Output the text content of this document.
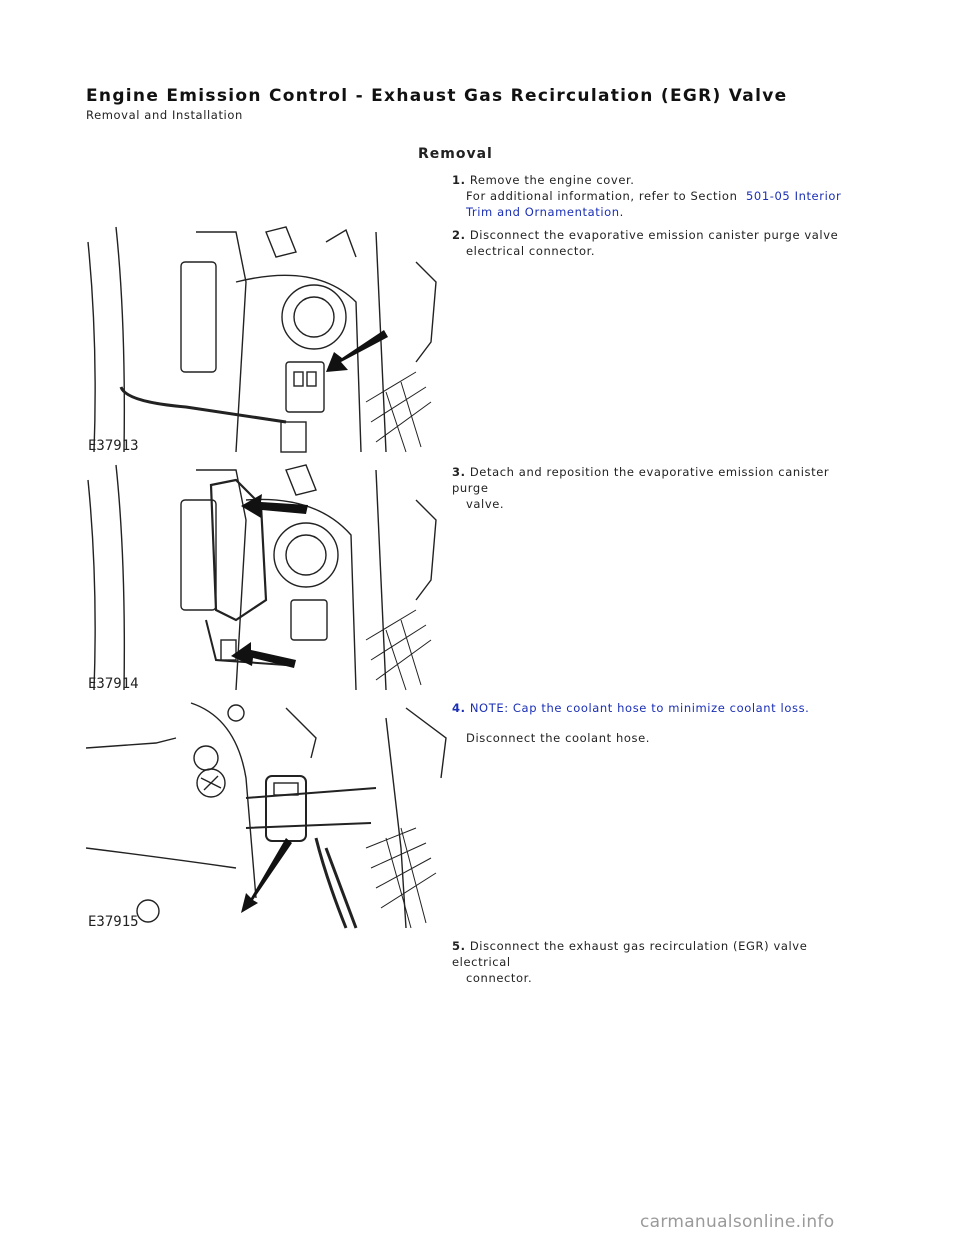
Engine Emission Control - Exhaust Gas Recirculation (EGR) Valve
Removal and Installation
Removal
1. Remove the engine cover.
For additional information, refer to Section 501-05 Interior
Trim and Ornamentation.
2. Disconnect the evaporative emission canister purge valve
electrical connector.
3. Detach and reposition the evaporative emission canister purge
valve.
4. NOTE: Cap the coolant hose to minimize coolant loss.
Disconnect the coolant hose.
5. Disconnect the exhaust gas recirculation (EGR) valve electrical
connector.
E37913
E37914
E37915
carmanualsonline.info
